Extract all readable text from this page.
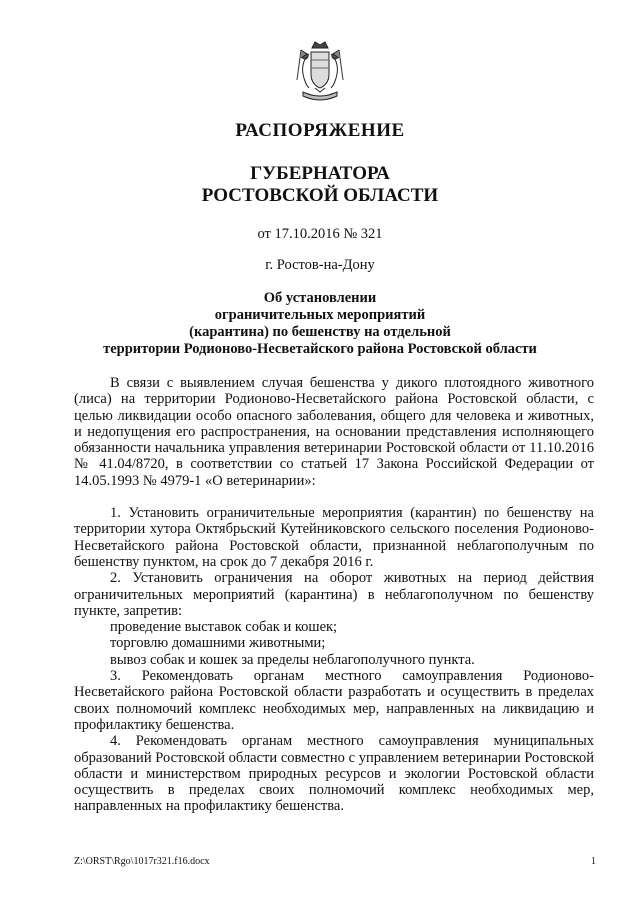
РАСПОРЯЖЕНИЕ
ГУБЕРНАТОРА
РОСТОВСКОЙ ОБЛАСТИ
от 17.10.2016 № 321
г. Ростов-на-Дону
Об установлении
ограничительных мероприятий
(карантина) по бешенству на отдельной
территории Родионово-Несветайского района Ростовской области

В связи с выявлением случая бешенства у дикого плотоядного животного (лиса) на территории Родионово-Несветайского района Ростовской области, с целью ликвидации особо опасного заболевания, общего для человека и животных, и недопущения его распространения, на основании представления исполняющего обязанности начальника управления ветеринарии Ростовской области от 11.10.2016 № 41.04/8720, в соответствии со статьей 17 Закона Российской Федерации от 14.05.1993 № 4979-1 «О ветеринарии»:

1. Установить ограничительные мероприятия (карантин) по бешенству на территории хутора Октябрьский Кутейниковского сельского поселения Родионово-Несветайского района Ростовской области, признанной неблагополучным по бешенству пунктом, на срок до 7 декабря 2016 г.

2. Установить ограничения на оборот животных на период действия ограничительных мероприятий (карантина) в неблагополучном по бешенству пункте, запретив:

проведение выставок собак и кошек;

торговлю домашними животными;

вывоз собак и кошек за пределы неблагополучного пункта.

3. Рекомендовать органам местного самоуправления Родионово-Несветайского района Ростовской области разработать и осуществить в пределах своих полномочий комплекс необходимых мер, направленных на ликвидацию и профилактику бешенства.

4. Рекомендовать органам местного самоуправления муниципальных образований Ростовской области совместно с управлением ветеринарии Ростовской области и министерством природных ресурсов и экологии Ростовской области осуществить в пределах своих полномочий комплекс необходимых мер, направленных на профилактику бешенства.

Z:\ORST\Rgo\1017r321.f16.docx	1
